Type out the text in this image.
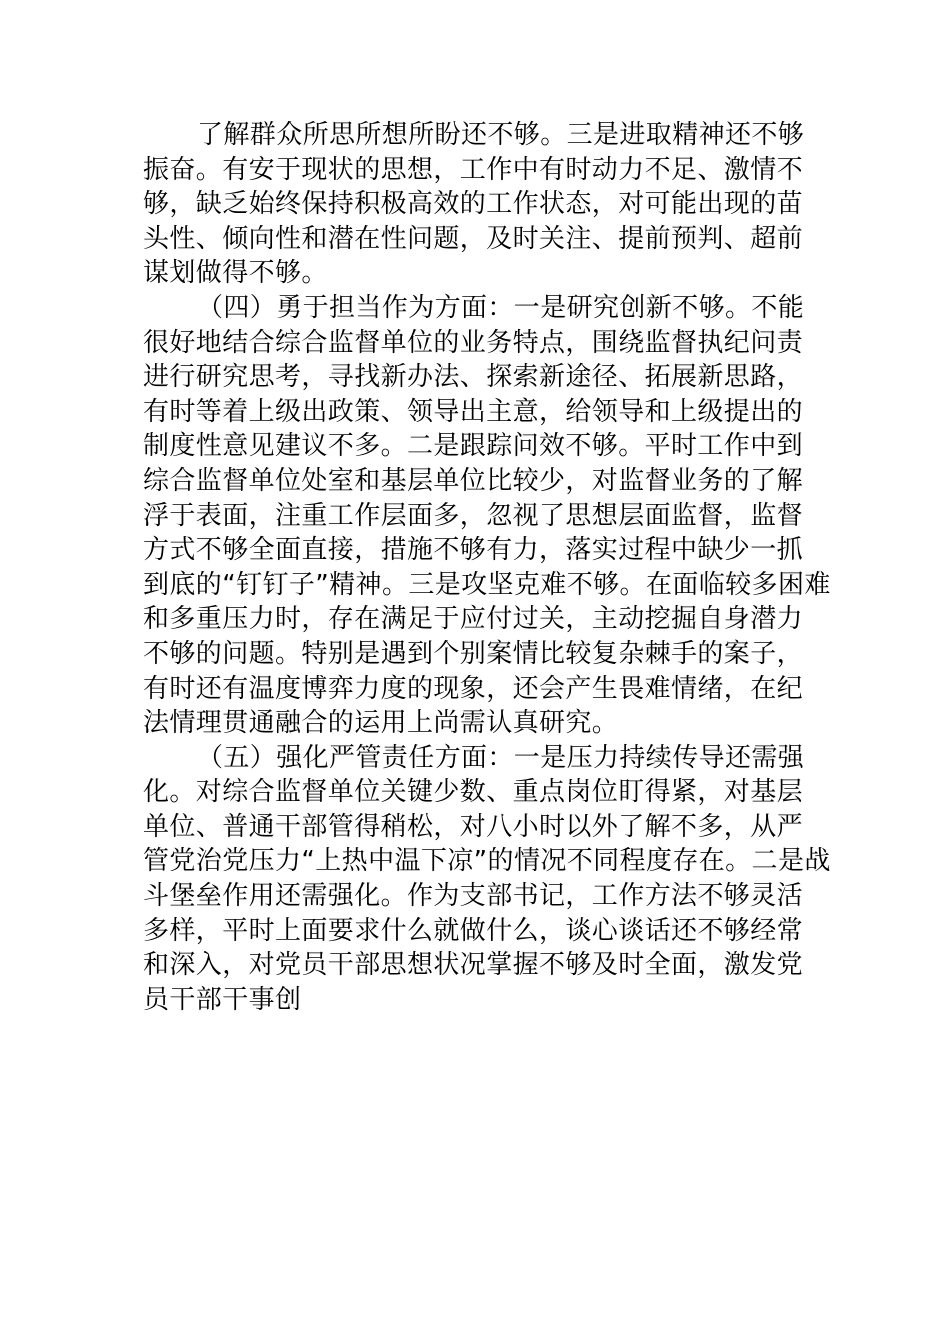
了解群众所思所想所盼还不够。三是进取精神还不够
振奋。有安于现状的思想，工作中有时动力不足、激情不
够，缺乏始终保持积极高效的工作状态，对可能出现的苗
头性、倾向性和潜在性问题，及时关注、提前预判、超前
谋划做得不够。
（四）勇于担当作为方面：一是研究创新不够。不能
很好地结合综合监督单位的业务特点，围绕监督执纪问责
进行研究思考，寻找新办法、探索新途径、拓展新思路，
有时等着上级出政策、领导出主意，给领导和上级提出的
制度性意见建议不多。二是跟踪问效不够。平时工作中到
综合监督单位处室和基层单位比较少，对监督业务的了解
浮于表面，注重工作层面多，忽视了思想层面监督，监督
方式不够全面直接，措施不够有力，落实过程中缺少一抓
到底的“钉钉子”精神。三是攻坚克难不够。在面临较多困难
和多重压力时，存在满足于应付过关，主动挖掘自身潜力
不够的问题。特别是遇到个别案情比较复杂棘手的案子，
有时还有温度博弈力度的现象，还会产生畏难情绪，在纪
法情理贯通融合的运用上尚需认真研究。
（五）强化严管责任方面：一是压力持续传导还需强
化。对综合监督单位关键少数、重点岗位盯得紧，对基层
单位、普通干部管得稍松，对八小时以外了解不多，从严
管党治党压力“上热中温下凉”的情况不同程度存在。二是战
斗堡垒作用还需强化。作为支部书记，工作方法不够灵活
多样，平时上面要求什么就做什么，谈心谈话还不够经常
和深入，对党员干部思想状况掌握不够及时全面，激发党
员干部干事创
